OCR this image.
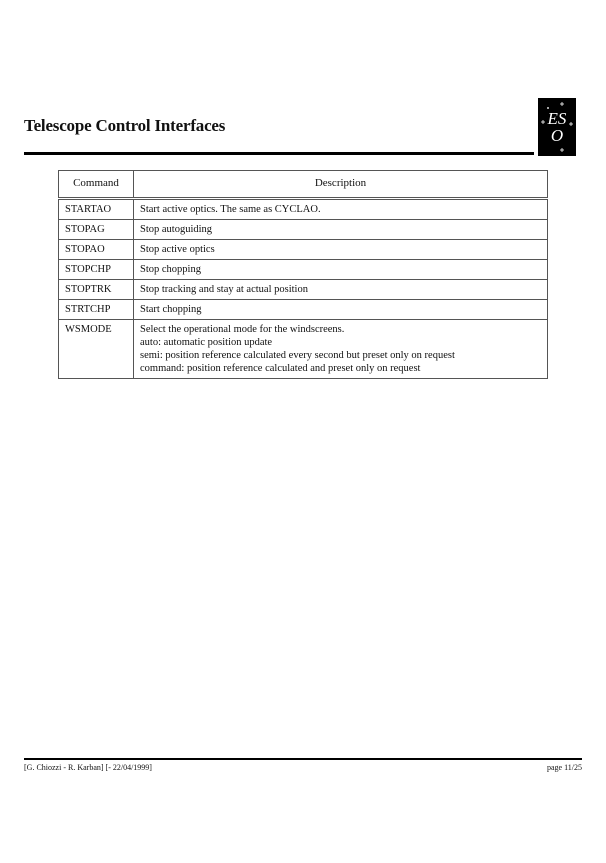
Telescope Control Interfaces	ES
O
Command	Description
STARTAO	Start active optics. The same as CYCLAO.

STOPAG	Stop autoguiding

STOPAO	Stop active optics

STOPCHP	Stop chopping

STOPTRK	Stop tracking and stay at actual position

STRTCHP	Start chopping

WSMODE	Select the operational mode for the windscreens.
auto: automatic position update
semi: position reference calculated every second but preset only on request
command: position reference calculated and preset only on request
[G. Chiozzi - R. Karban] [- 22/04/1999]	page 11/25
